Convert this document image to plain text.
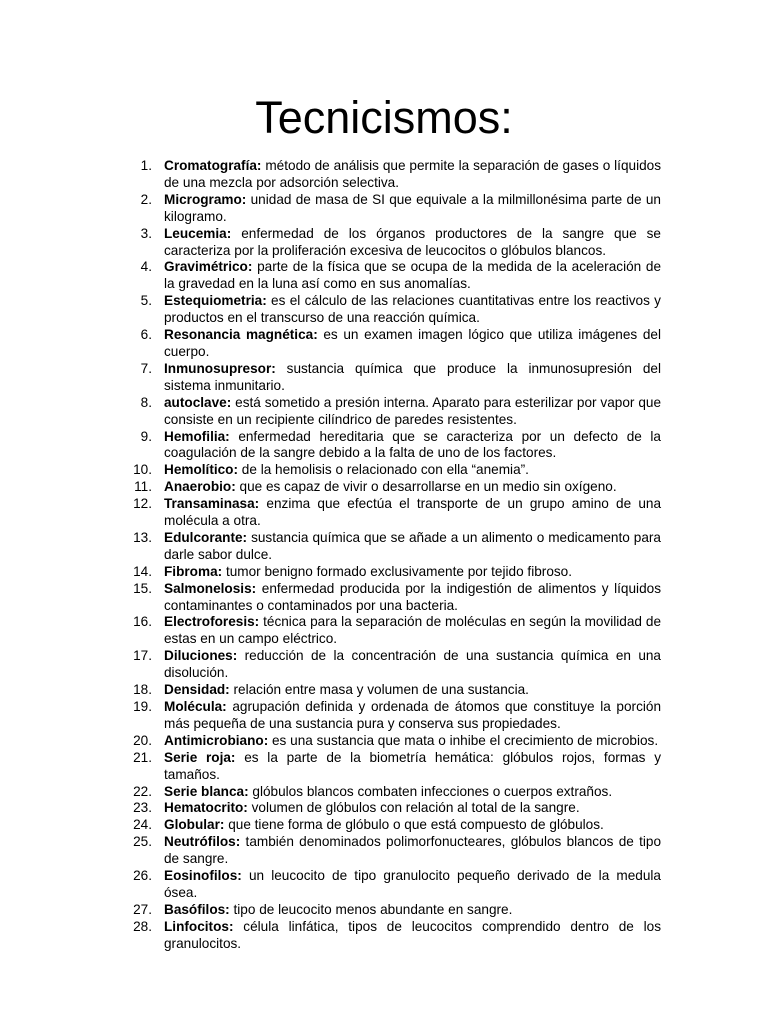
Tecnicismos:
1. Cromatografía: método de análisis que permite la separación de gases o líquidos de una mezcla por adsorción selectiva.
2. Microgramo: unidad de masa de SI que equivale a la milmillonésima parte de un kilogramo.
3. Leucemia: enfermedad de los órganos productores de la sangre que se caracteriza por la proliferación excesiva de leucocitos o glóbulos blancos.
4. Gravimétrico: parte de la física que se ocupa de la medida de la aceleración de la gravedad en la luna así como en sus anomalías.
5. Estequiometria: es el cálculo de las relaciones cuantitativas entre los reactivos y productos en el transcurso de una reacción química.
6. Resonancia magnética: es un examen imagen lógico que utiliza imágenes del cuerpo.
7. Inmunosupresor: sustancia química que produce la inmunosupresión del sistema inmunitario.
8. autoclave: está sometido a presión interna. Aparato para esterilizar por vapor que consiste en un recipiente cilíndrico de paredes resistentes.
9. Hemofilia: enfermedad hereditaria que se caracteriza por un defecto de la coagulación de la sangre debido a la falta de uno de los factores.
10. Hemolítico: de la hemolisis o relacionado con ella “anemia”.
11. Anaerobio: que es capaz de vivir o desarrollarse en un medio sin oxígeno.
12. Transaminasa: enzima que efectúa el transporte de un grupo amino de una molécula a otra.
13. Edulcorante: sustancia química que se añade a un alimento o medicamento para darle sabor dulce.
14. Fibroma: tumor benigno formado exclusivamente por tejido fibroso.
15. Salmonelosis: enfermedad producida por la indigestión de alimentos y líquidos contaminantes o contaminados por una bacteria.
16. Electroforesis: técnica para la separación de moléculas en según la movilidad de estas en un campo eléctrico.
17. Diluciones: reducción de la concentración de una sustancia química en una disolución.
18. Densidad: relación entre masa y volumen de una sustancia.
19. Molécula: agrupación definida y ordenada de átomos que constituye la porción más pequeña de una sustancia pura y conserva sus propiedades.
20. Antimicrobiano: es una sustancia que mata o inhibe el crecimiento de microbios.
21. Serie roja: es la parte de la biometría hemática: glóbulos rojos, formas y tamaños.
22. Serie blanca: glóbulos blancos combaten infecciones o cuerpos extraños.
23. Hematocrito: volumen de glóbulos con relación al total de la sangre.
24. Globular: que tiene forma de glóbulo o que está compuesto de glóbulos.
25. Neutrófilos: también denominados polimorfonucteares, glóbulos blancos de tipo de sangre.
26. Eosinofilos: un leucocito de tipo granulocito pequeño derivado de la medula ósea.
27. Basófilos: tipo de leucocito menos abundante en sangre.
28. Linfocitos: célula linfática, tipos de leucocitos comprendido dentro de los granulocitos.
